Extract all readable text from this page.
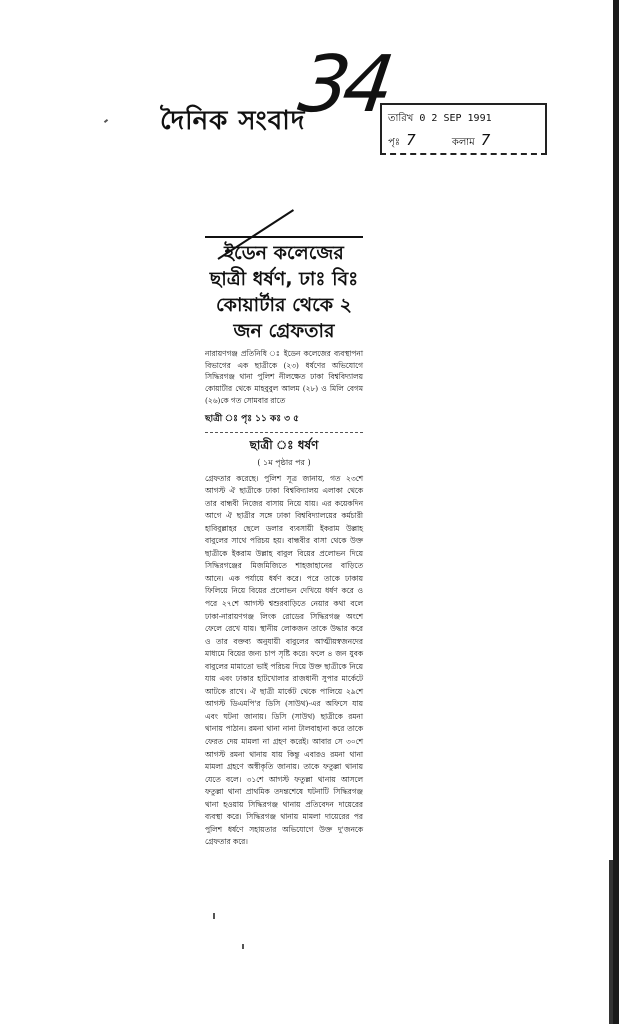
34
দৈনিক সংবাদ	তারিখ 0 2 SEP 1991
পৃঃ 7	কলাম 7
ইডেন কলেজের ছাত্রী ধর্ষণ, ঢাঃ বিঃ কোয়ার্টার থেকে ২ জন গ্রেফতার
নারায়ণগঞ্জ প্রতিনিধি ঃ ইডেন কলেজের ব্যবস্থাপনা বিভাগের এক ছাত্রীকে (২৩) ধর্ষণের অভিযোগে সিদ্ধিরগঞ্জ থানা পুলিশ নীলক্ষেত ঢাকা বিশ্ববিদ্যালয় কোয়ার্টার থেকে মাহবুবুল আলম (২৮) ও মিলি বেগম (২৬)কে গত সোমবার রাতে
ছাত্রী ঃ পৃঃ ১১ কঃ ৩ ৫
ছাত্রী ঃ ধর্ষণ
( ১ম পৃষ্ঠার পর )
গ্রেফতার করেছে। পুলিশ সূত্র জানায়, গত ২৩শে আগস্ট ঐ ছাত্রীকে ঢাকা বিশ্ববিদ্যালয় এলাকা থেকে তার বান্ধবী নিজের বাসায় নিয়ে যায়। এর কয়েকদিন আগে ঐ ছাত্রীর সঙ্গে ঢাকা বিশ্ববিদ্যালয়ের কর্মচারী হাবিবুল্লাহর ছেলে ডলার ব্যবসায়ী ইকরাম উল্লাহ বাবুলের সাথে পরিচয় হয়। বান্ধবীর বাসা থেকে উক্ত ছাত্রীকে ইকরাম উল্লাহ বাবুল বিয়ের প্রলোভন দিয়ে সিদ্ধিরগঞ্জের মিজমিজিতে শাহজাহানের বাড়িতে আনে। এক পর্যায়ে ধর্ষণ করে। পরে তাকে ঢাকায় ফিলিয়ে নিয়ে বিয়ের প্রলোভন দেখিয়ে ধর্ষণ করে ও পরে ২৭শে আগস্ট শ্বশুরবাড়িতে নেয়ার কথা বলে ঢাকা-নারায়ণগঞ্জ লিংক রোডের সিদ্ধিরগঞ্জ অংশে ফেলে রেখে যায়। স্থানীয় লোকজন তাকে উদ্ধার করে ও তার বক্তব্য অনুযায়ী বাবুলের আত্মীয়স্বজনদের মাধ্যমে বিয়ের জন্য চাপ সৃষ্টি করে। ফলে ৪ জন যুবক বাবুলের মামাতো ভাই পরিচয় দিয়ে উক্ত ছাত্রীকে নিয়ে যায় এবং ঢাকার হাটখোলার রাজধানী সুপার মার্কেটে আটকে রাখে। ঐ ছাত্রী মার্কেট থেকে পালিয়ে ২৯শে আগস্ট ডিএমপি'র ডিসি (সাউথ)-এর অফিসে যায় এবং ঘটনা জানায়। ডিসি (সাউথ) ছাত্রীকে রমনা থানায় পাঠান। রমনা থানা নানা টালবাহানা করে তাকে ফেরত দেয় মামলা না গ্রহণ করেই। আবার সে ৩০শে আগস্ট রমনা থানায় যায় কিন্তু এবারও রমনা থানা মামলা গ্রহণে অস্বীকৃতি জানায়। তাকে ফতুল্লা থানায় যেতে বলে। ৩১শে আগস্ট ফতুল্লা থানায় আসলে ফতুল্লা থানা প্রাথমিক তদন্তশেষে ঘটনাটি সিদ্ধিরগঞ্জ থানা হওয়ায় সিদ্ধিরগঞ্জ থানায় প্রতিবেদন দায়েরের ব্যবস্থা করে। সিদ্ধিরগঞ্জ থানায় মামলা দায়েরের পর পুলিশ ধর্ষণে সহায়তার অভিযোগে উক্ত দু'জনকে গ্রেফতার করে।
